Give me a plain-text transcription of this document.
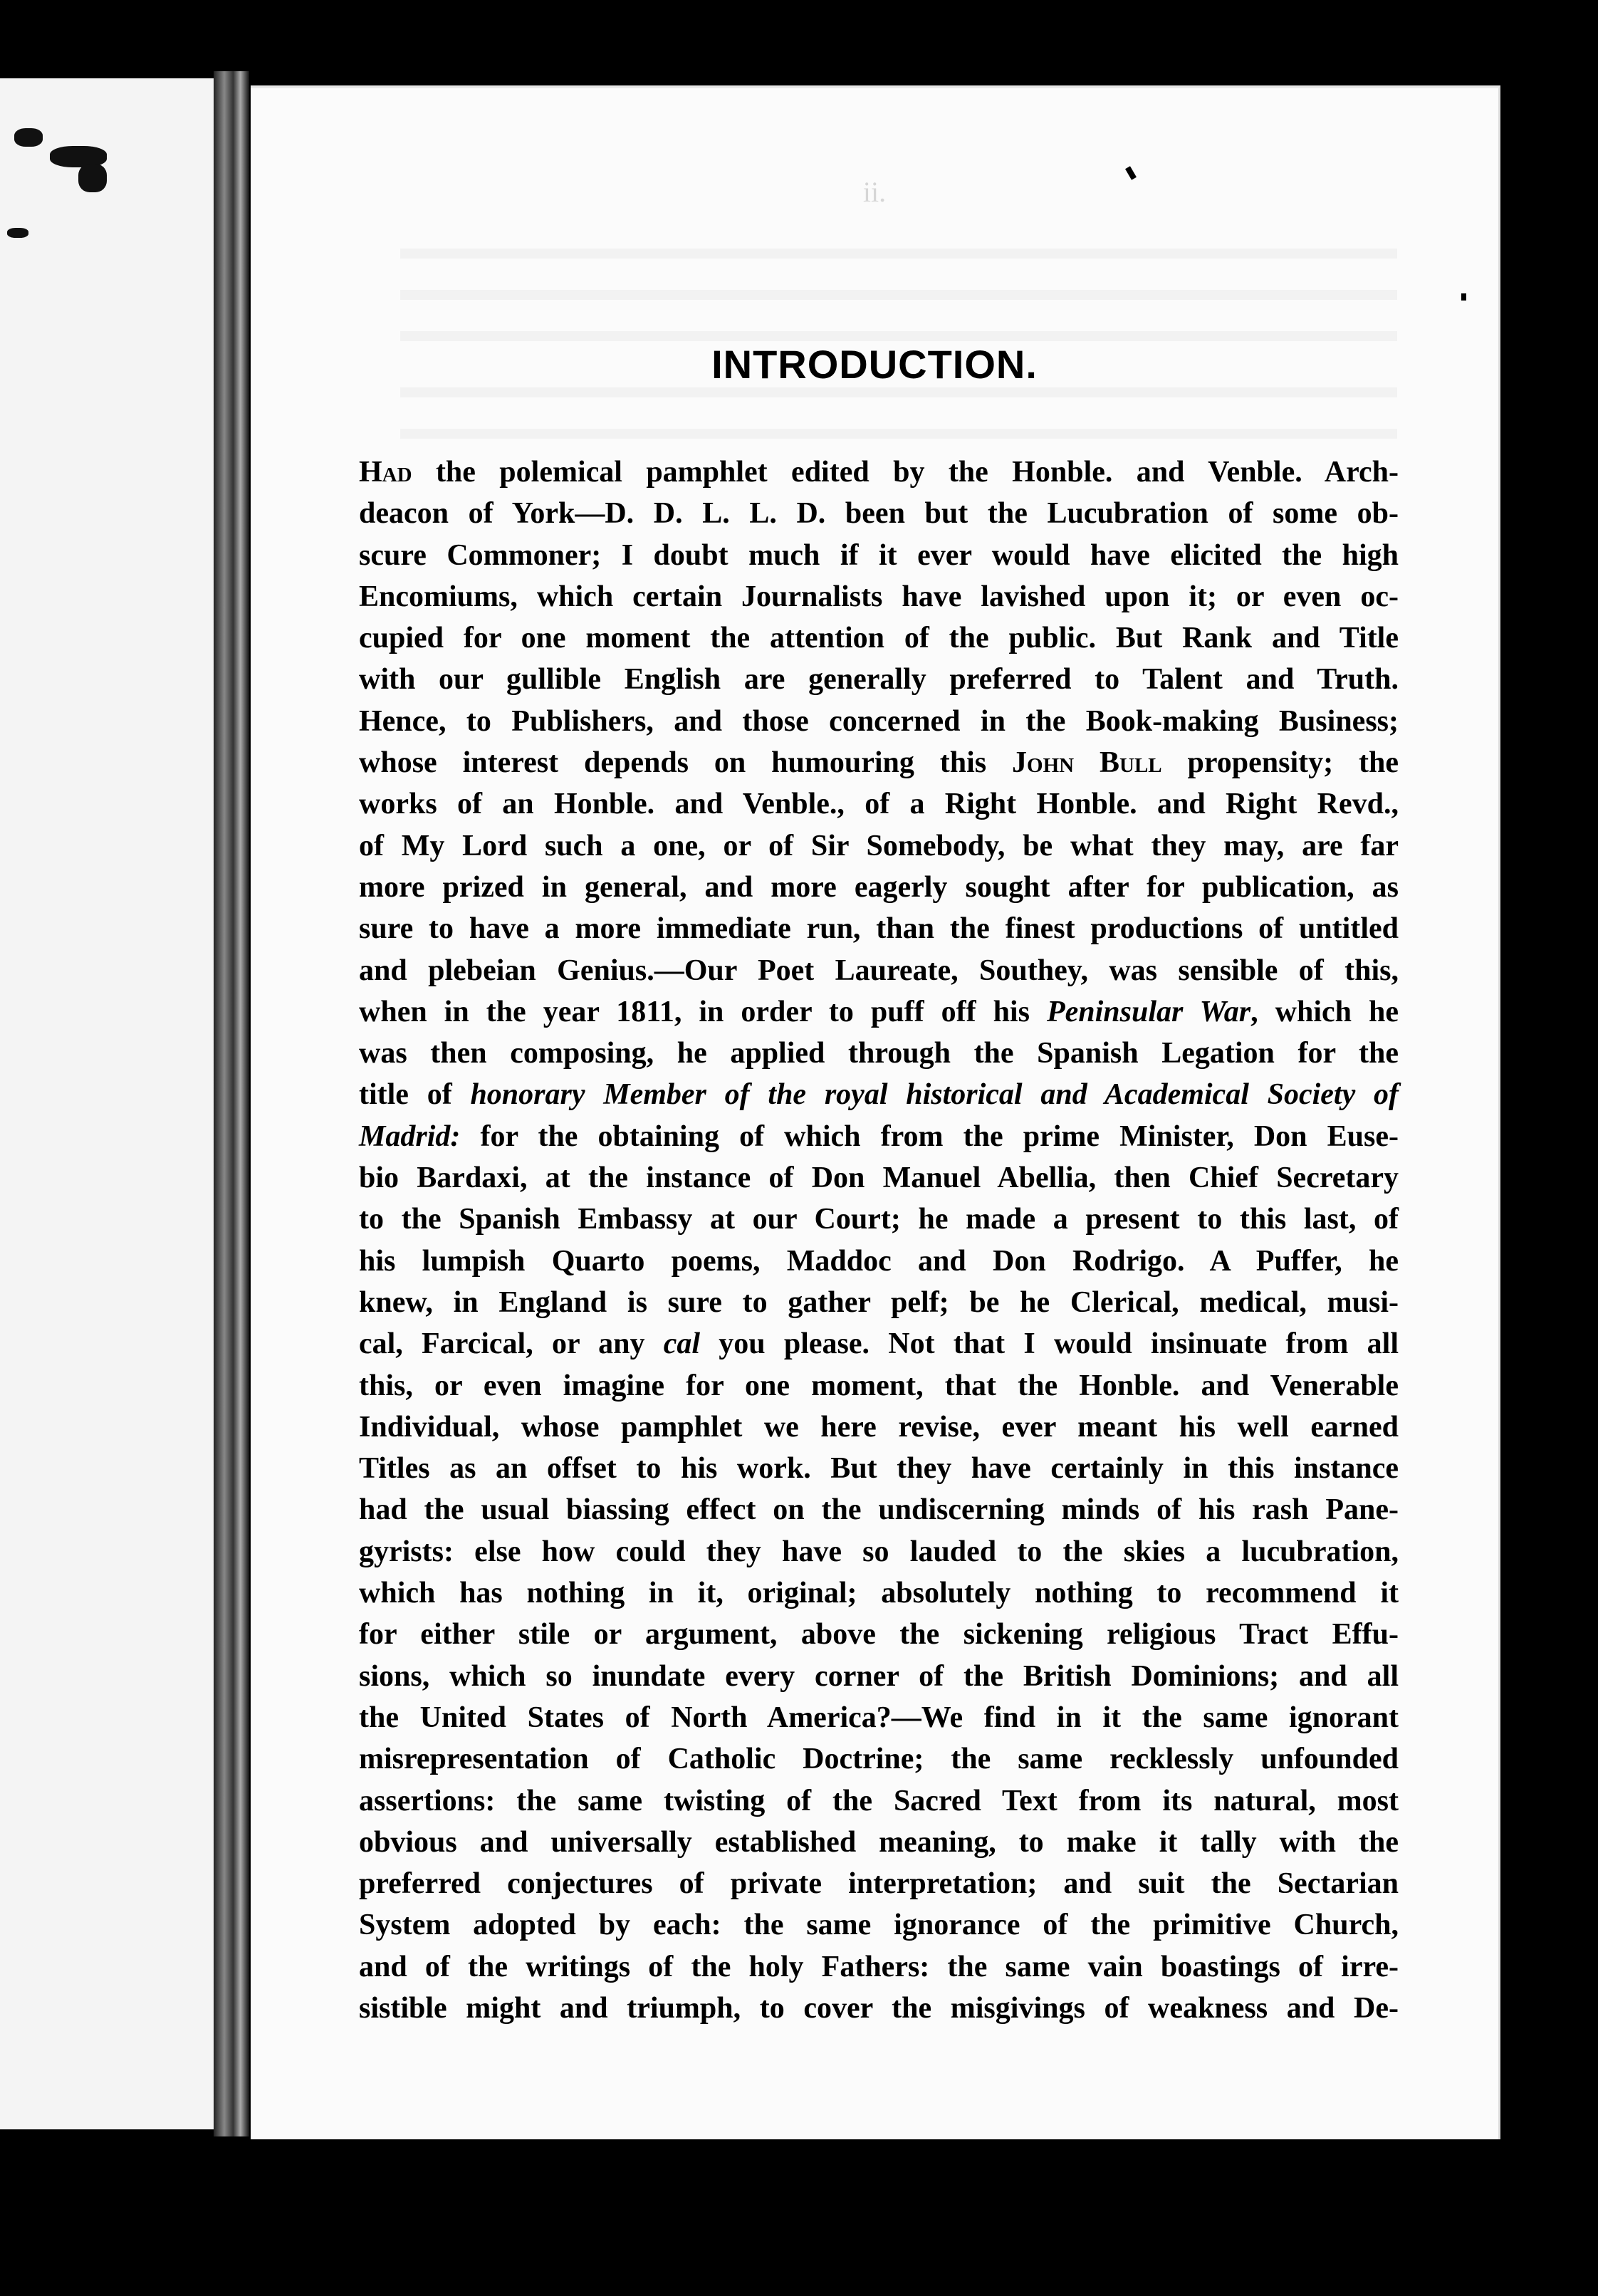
ii.
INTRODUCTION.
Had the polemical pamphlet edited by the Honble. and Venble. Arch-
deacon of York—D. D. L. L. D. been but the Lucubration of some ob-
scure Commoner; I doubt much if it ever would have elicited the high
Encomiums, which certain Journalists have lavished upon it; or even oc-
cupied for one moment the attention of the public. But Rank and Title
with our gullible English are generally preferred to Talent and Truth.
Hence, to Publishers, and those concerned in the Book-making Business;
whose interest depends on humouring this John Bull propensity; the
works of an Honble. and Venble., of a Right Honble. and Right Revd.,
of My Lord such a one, or of Sir Somebody, be what they may, are far
more prized in general, and more eagerly sought after for publication, as
sure to have a more immediate run, than the finest productions of untitled
and plebeian Genius.—Our Poet Laureate, Southey, was sensible of this,
when in the year 1811, in order to puff off his Peninsular War, which he
was then composing, he applied through the Spanish Legation for the
title of honorary Member of the royal historical and Academical Society of
Madrid: for the obtaining of which from the prime Minister, Don Euse-
bio Bardaxi, at the instance of Don Manuel Abellia, then Chief Secretary
to the Spanish Embassy at our Court; he made a present to this last, of
his lumpish Quarto poems, Maddoc and Don Rodrigo. A Puffer, he
knew, in England is sure to gather pelf; be he Clerical, medical, musi-
cal, Farcical, or any cal you please. Not that I would insinuate from all
this, or even imagine for one moment, that the Honble. and Venerable
Individual, whose pamphlet we here revise, ever meant his well earned
Titles as an offset to his work. But they have certainly in this instance
had the usual biassing effect on the undiscerning minds of his rash Pane-
gyrists: else how could they have so lauded to the skies a lucubration,
which has nothing in it, original; absolutely nothing to recommend it
for either stile or argument, above the sickening religious Tract Effu-
sions, which so inundate every corner of the British Dominions; and all
the United States of North America?—We find in it the same ignorant
misrepresentation of Catholic Doctrine; the same recklessly unfounded
assertions: the same twisting of the Sacred Text from its natural, most
obvious and universally established meaning, to make it tally with the
preferred conjectures of private interpretation; and suit the Sectarian
System adopted by each: the same ignorance of the primitive Church,
and of the writings of the holy Fathers: the same vain boastings of irre-
sistible might and triumph, to cover the misgivings of weakness and De-
